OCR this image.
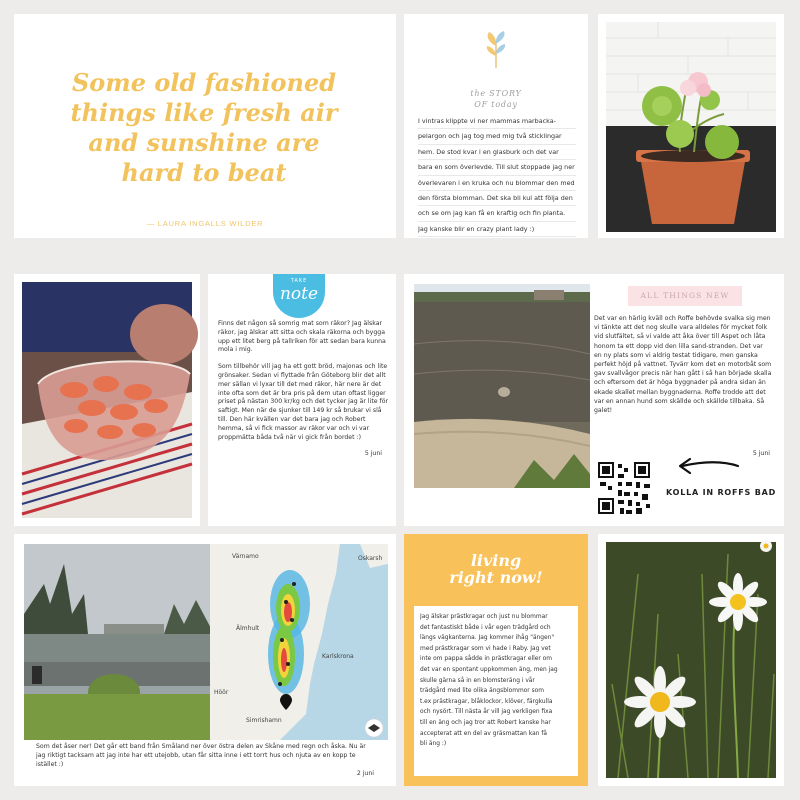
Some old fashioned things like fresh air and sunshine are hard to beat
— LAURA INGALLS WILDER
the STORY
OF today
I vintras klippte vi ner mammas marbacka-
pelargon och jag tog med mig två sticklingar
hem. De stod kvar i en glasburk och det var
bara en som överlevde. Till slut stoppade jag ner
överlevaren i en kruka och nu blommar den med
den första blomman. Det ska bli kul att följa den
och se om jag kan få en kraftig och fin planta.
Jag kanske blir en crazy plant lady :)
TAKE
note

Finns det någon så somrig mat som räkor? Jag älskar räkor, jag älskar att sitta och skala räkorna och bygga upp ett litet berg på tallriken för att sedan bara kunna mola i mig.

Som tillbehör vill jag ha ett gott bröd, majonas och lite grönsaker. Sedan vi flyttade från Göteborg blir det allt mer sällan vi lyxar till det med räkor, här nere är det inte ofta som det är bra pris på dem utan oftast ligger priset på nästan 300 kr/kg och det tycker jag är lite för saftigt. Men när de sjunker till 149 kr så brukar vi slå till. Den här kvällen var det bara jag och Robert hemma, så vi fick massor av räkor var och vi var proppmätta båda två när vi gick från bordet :)

5 juni
ALL THINGS NEW
Det var en härlig kväll och Roffe behövde svalka sig men vi tänkte att det nog skulle vara alldeles för mycket folk vid slutfältet, så vi valde att åka över till Aspet och låta honom ta ett dopp vid den lilla sand-stranden. Det var en ny plats som vi aldrig testat tidigare, men ganska perfekt höjd på vattnet. Tyvärr kom det en motorbåt som gav svallvågor precis när han gått i så han började skalla och eftersom det är höga byggnader på andra sidan än ekade skallet mellan byggnaderna. Roffe trodde att det var en annan hund som skällde och skällde tillbaka. Så galet!
5 juni
KOLLA IN ROFFS BAD
Värnamo	Oskarsh
Älmhult
Karlskrona
Höör
Simrishamn
Som det åser ner! Det går ett band från Småland ner över östra delen av Skåne med regn och åska. Nu är jag riktigt tacksam att jag inte har ett utejobb, utan får sitta inne i ett torrt hus och njuta av en kopp te istället :)
2 juni
living
right now!
Jag älskar prästkragar och just nu blommar
det fantastiskt både i vår egen trädgård och
längs vägkanterna. Jag kommer ihåg "ängen"
med prästkragar som vi hade i Raby. Jag vet
inte om pappa sådde in prästkragar eller om
det var en spontant uppkommen äng, men jag
skulle gärna så in en blomsteräng i vår
trädgård med lite olika ängsblommor som
t.ex prästkragar, blåklockor, klöver, färgkulla
och nysört. Till nästa år vill jag verkligen fixa
till en äng och jag tror att Robert kanske har
accepterat att en del av gräsmattan kan få
bli äng :)
